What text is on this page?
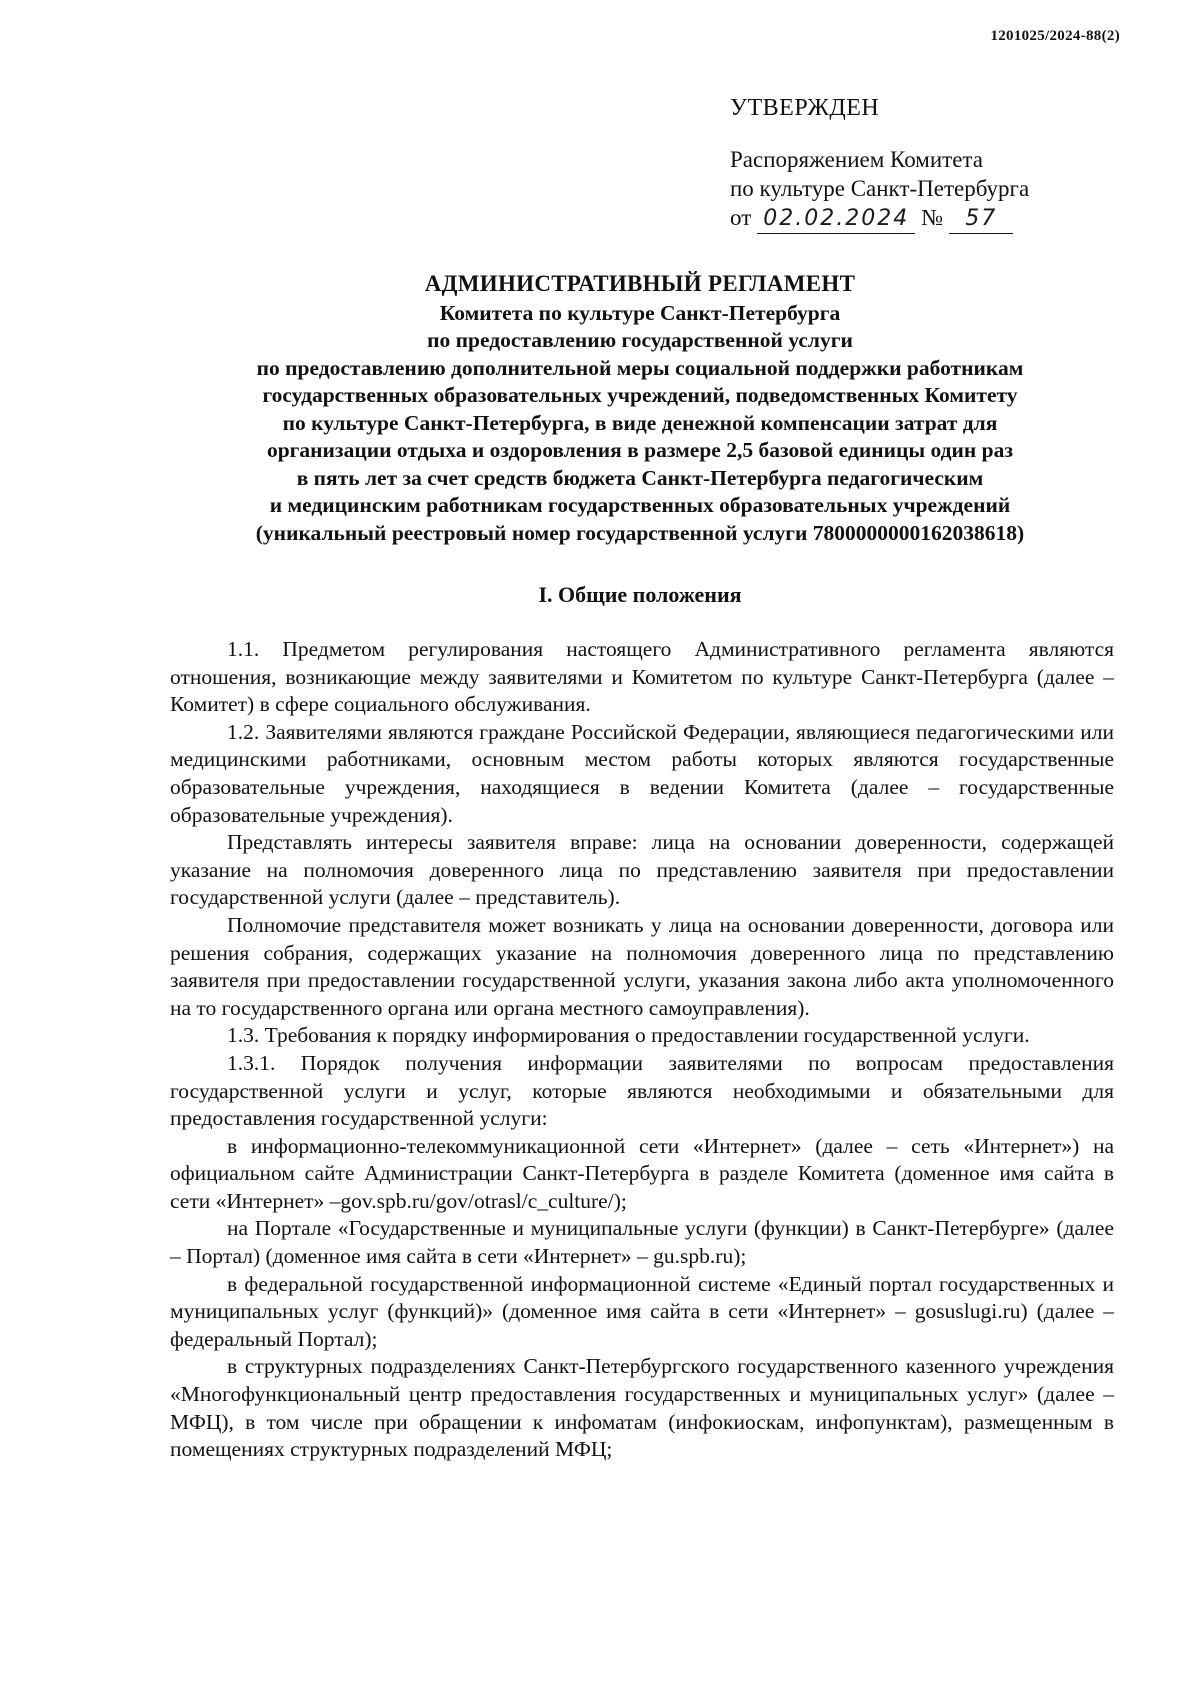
1201025/2024-88(2)
УТВЕРЖДЕН
Распоряжением Комитета
по культуре Санкт-Петербурга
от 02.02.2024 №	57
АДМИНИСТРАТИВНЫЙ РЕГЛАМЕНТ
Комитета по культуре Санкт-Петербурга
по предоставлению государственной услуги
по предоставлению дополнительной меры социальной поддержки работникам
государственных образовательных учреждений, подведомственных Комитету
по культуре Санкт-Петербурга, в виде денежной компенсации затрат для
организации отдыха и оздоровления в размере 2,5 базовой единицы один раз
в пять лет за счет средств бюджета Санкт-Петербурга педагогическим
и медицинским работникам государственных образовательных учреждений
(уникальный реестровый номер государственной услуги 7800000000162038618)
I. Общие положения

1.1. Предметом регулирования настоящего Административного регламента являются отношения, возникающие между заявителями и Комитетом по культуре Санкт-Петербурга (далее – Комитет) в сфере социального обслуживания.

1.2. Заявителями являются граждане Российской Федерации, являющиеся педагогическими или медицинскими работниками, основным местом работы которых являются государственные образовательные учреждения, находящиеся в ведении Комитета (далее – государственные образовательные учреждения).

Представлять интересы заявителя вправе: лица на основании доверенности, содержащей указание на полномочия доверенного лица по представлению заявителя при предоставлении государственной услуги (далее – представитель).

Полномочие представителя может возникать у лица на основании доверенности, договора или решения собрания, содержащих указание на полномочия доверенного лица по представлению заявителя при предоставлении государственной услуги, указания закона либо акта уполномоченного на то государственного органа или органа местного самоуправления).

1.3. Требования к порядку информирования о предоставлении государственной услуги.

1.3.1. Порядок получения информации заявителями по вопросам предоставления государственной услуги и услуг, которые являются необходимыми и обязательными для предоставления государственной услуги:

в информационно-телекоммуникационной сети «Интернет» (далее – сеть «Интернет») на официальном сайте Администрации Санкт-Петербурга в разделе Комитета (доменное имя сайта в сети «Интернет» –gov.spb.ru/gov/otrasl/c_culture/);

на Портале «Государственные и муниципальные услуги (функции) в Санкт-Петербурге» (далее – Портал) (доменное имя сайта в сети «Интернет» – gu.spb.ru);

в федеральной государственной информационной системе «Единый портал государственных и муниципальных услуг (функций)» (доменное имя сайта в сети «Интернет» – gosuslugi.ru) (далее – федеральный Портал);

в структурных подразделениях Санкт-Петербургского государственного казенного учреждения «Многофункциональный центр предоставления государственных и муниципальных услуг» (далее – МФЦ), в том числе при обращении к инфоматам (инфокиоскам, инфопунктам), размещенным в помещениях структурных подразделений МФЦ;
